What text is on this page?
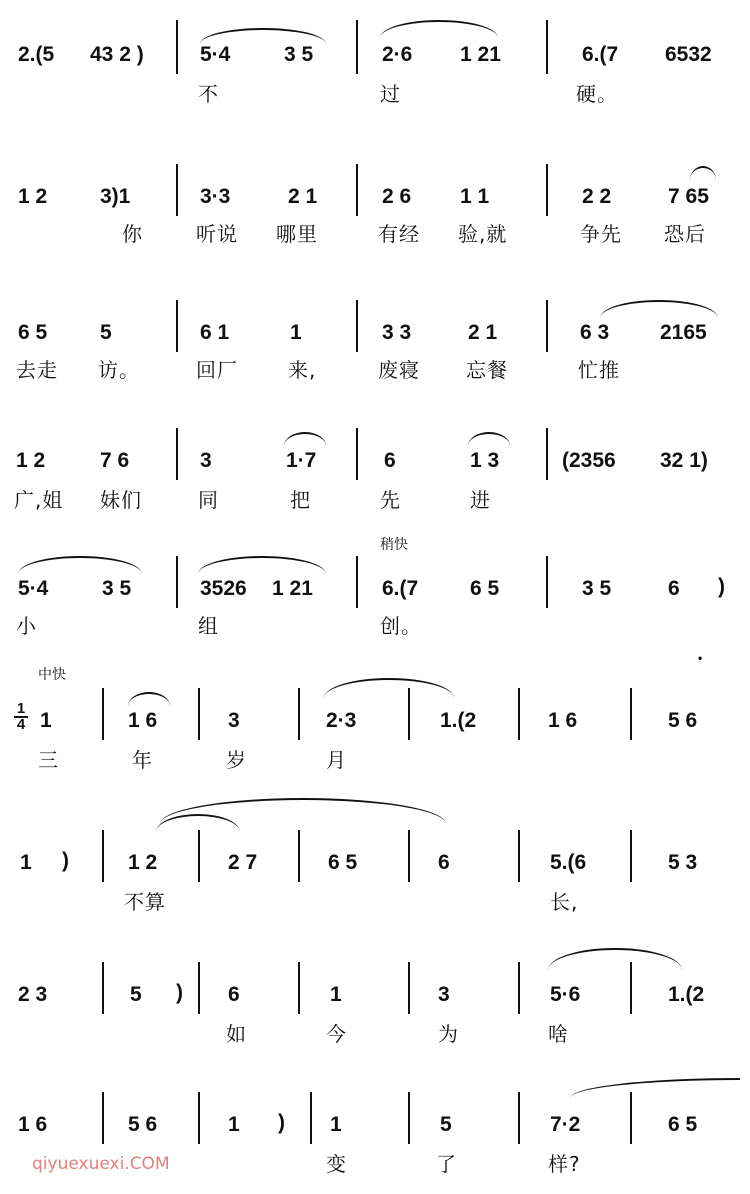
2.(5 43 2 )	5·4	3 5	2·6 1 21	6.(7 6532
不	过	硬。
1 2	3)1	3·3	2 1	2 6 1 1	2 2	7 65
你	听说 哪里	有经 验,就	争先 恐后
6 5	5	6 1	1	3 3	2 1	6 3 2165
去走 访。	回厂	来,	废寝 忘餐	忙推
1 2	7 6	3	1·7	6	1 3	(2356 32 1)
广,姐 妹们	同	把	先	进
稍快
5·4	3 5	3526 1 21	6.(7 6 5	3 5	6 )
小	组	创。
•
中快
1
4 1	1 6	3	2·3	1.(2	1 6	5 6
三	年	岁	月
1 )	1 2	2 7	6 5	6	5.(6	5 3
不算	长,
2 3	5 ) 6	1	3	5·6	1.(2
如	今	为	啥
1 6	5 6	1 ) 1	5	7·2	6 5
变	了	样?
qiyuexuexi.COM
